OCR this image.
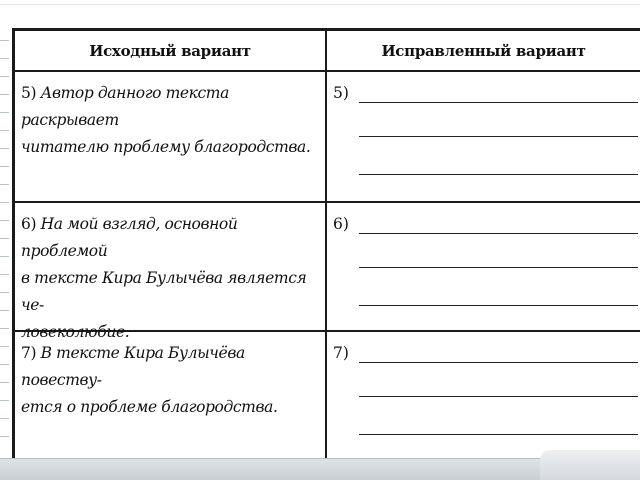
Исходный вариант	Исправленный вариант
5) Автор данного текста раскрывает
читателю проблему благородства.
5)
6) На мой взгляд, основной проблемой
в тексте Кира Булычёва является че-
ловеколюбие.
6)
7) В тексте Кира Булычёва повеству-
ется о проблеме благородства.
7)
